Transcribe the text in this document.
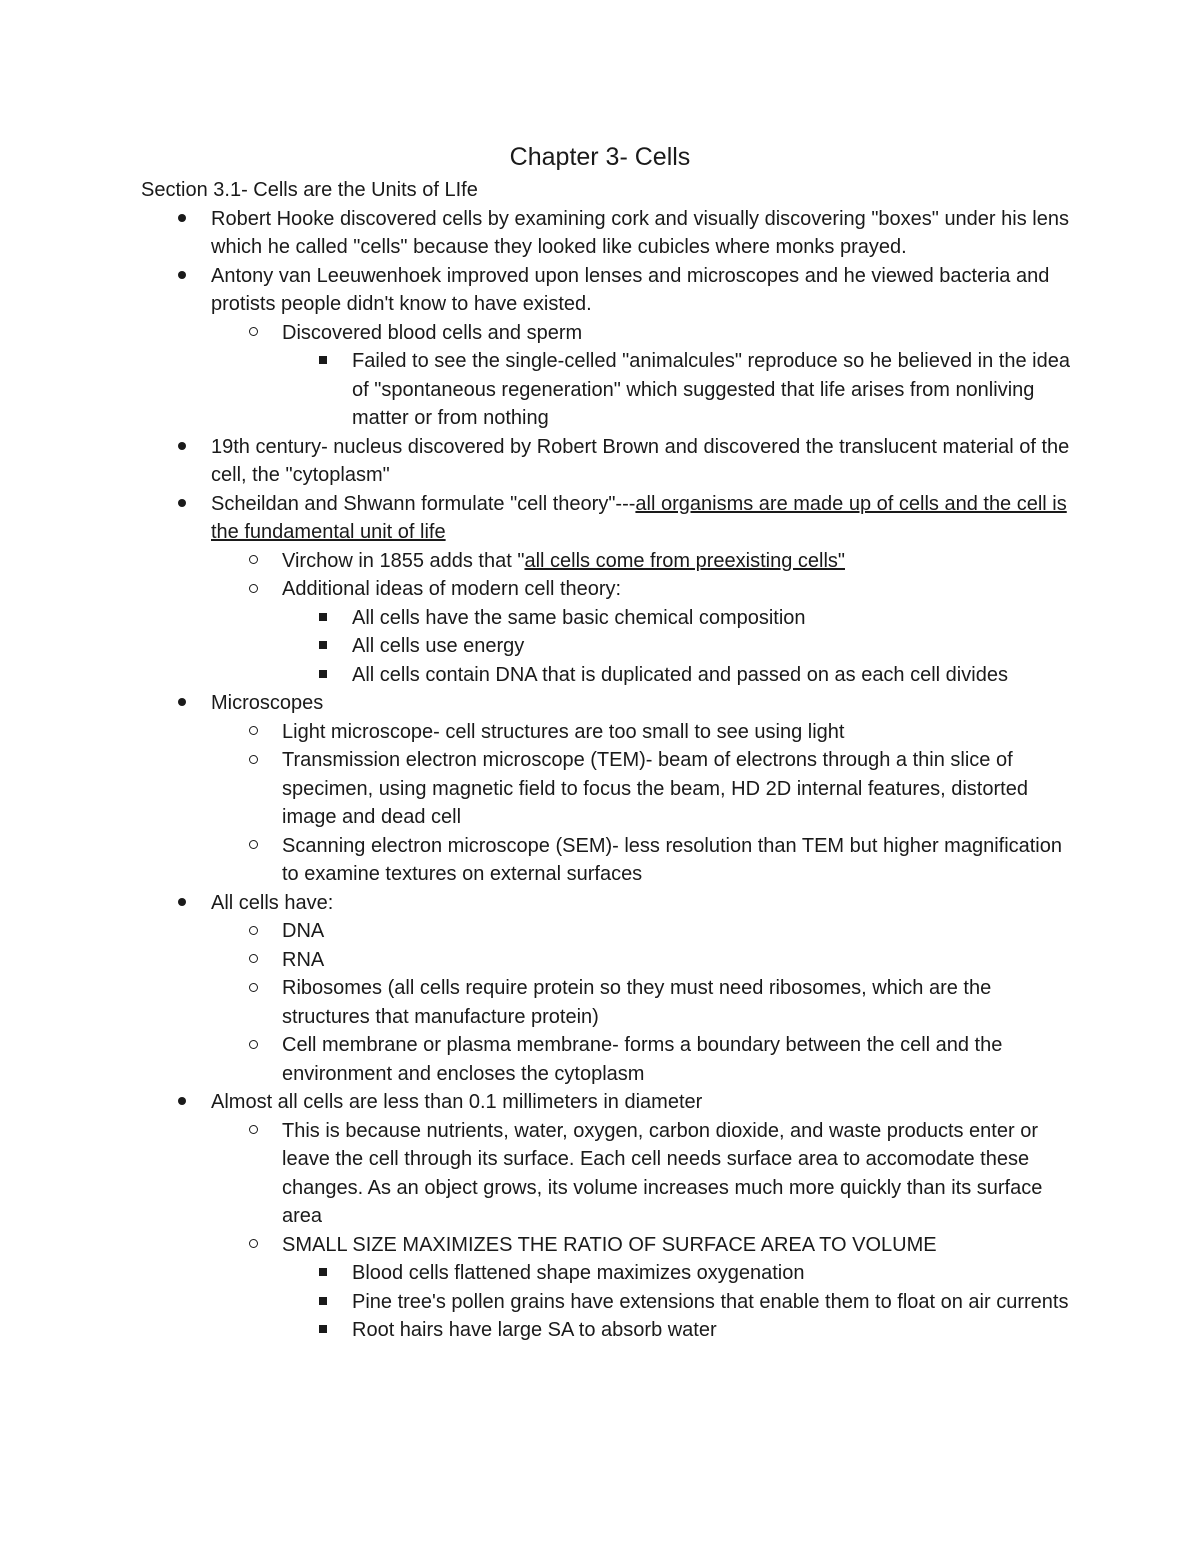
Chapter 3- Cells
Section 3.1- Cells are the Units of LIfe
Robert Hooke discovered cells by examining cork and visually discovering "boxes" under his lens which he called "cells" because they looked like cubicles where monks prayed.
Antony van Leeuwenhoek improved upon lenses and microscopes and he viewed bacteria and protists people didn't know to have existed.
Discovered blood cells and sperm
Failed to see the single-celled "animalcules" reproduce so he believed in the idea of "spontaneous regeneration" which suggested that life arises from nonliving matter or from nothing
19th century- nucleus discovered by Robert Brown and discovered the translucent material of the cell, the "cytoplasm"
Scheildan and Shwann formulate "cell theory"---all organisms are made up of cells and the cell is the fundamental unit of life
Virchow in 1855 adds that "all cells come from preexisting cells"
Additional ideas of modern cell theory:
All cells have the same basic chemical composition
All cells use energy
All cells contain DNA that is duplicated and passed on as each cell divides
Microscopes
Light microscope- cell structures are too small to see using light
Transmission electron microscope (TEM)- beam of electrons through a thin slice of specimen, using magnetic field to focus the beam, HD 2D internal features, distorted image and dead cell
Scanning electron microscope (SEM)- less resolution than TEM but higher magnification to examine textures on external surfaces
All cells have:
DNA
RNA
Ribosomes (all cells require protein so they must need ribosomes, which are the structures that manufacture protein)
Cell membrane or plasma membrane- forms a boundary between the cell and the environment and encloses the cytoplasm
Almost all cells are less than 0.1 millimeters in diameter
This is because nutrients, water, oxygen, carbon dioxide, and waste products enter or leave the cell through its surface. Each cell needs surface area to accomodate these changes. As an object grows, its volume increases much more quickly than its surface area
SMALL SIZE MAXIMIZES THE RATIO OF SURFACE AREA TO VOLUME
Blood cells flattened shape maximizes oxygenation
Pine tree's pollen grains have extensions that enable them to float on air currents
Root hairs have large SA to absorb water
